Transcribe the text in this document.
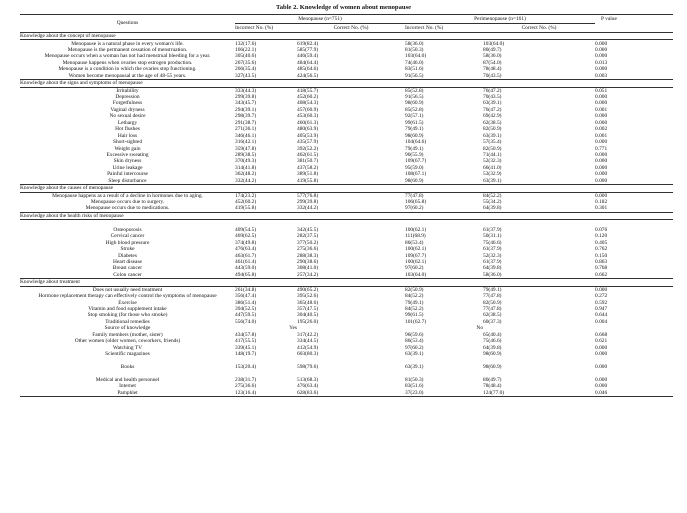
Table 2. Knowledge of women about menopause
Questions	Menopause (n=751)		Perimenopause (n=161)		P value
	Incorrect No. (%)	Correct No. (%)	Incorrect No. (%)	Correct No. (%)	
Knowledge about the concept of menopause					
Menopause is a natural phase in every woman's life.	132(17.6)	619(82.4)	58(36.0)	103(64.0)	0.000
Menopause is the permanent cessation of menstruation.	166(22.1)	585(77.9)	81(50.3)	80(49.7)	0.000
Menopause occurs when a woman has not had menstrual bleeding for a year.	305(40.6)	446(59.4)	103(64.0)	58(36.0)	0.000
Menopause happens when ovaries stop estrogen production.	267(35.6)	484(64.4)	74(46.0)	87(54.0)	0.013
Menopause is a condition in which the ovaries stop functioning.	266(35.4)	485(64.6)	83(51.6)	78(48.4)	0.000
Women become menopausal at the age of 48-55 years.	327(43.5)	424(56.5)	91(56.5)	70(43.5)	0.003
Knowledge about the signs and symptoms of menopause					
Irritability	333(44.3)	418(55.7)	85(52.8)	76(47.2)	0.051
Depression	299(39.8)	452(60.2)	91(56.5)	70(43.5)	0.000
Forgetfulness	343(45.7)	408(54.3)	98(60.9)	63(39.1)	0.000
Vaginal dryness	294(39.1)	457(60.9)	85(52.8)	76(47.2)	0.001
No sexual desire	298(39.7)	453(60.3)	92(57.1)	69(42.9)	0.000
Lethargy	291(38.7)	460(61.3)	99(61.5)	62(38.5)	0.000
Hot flushes	271(36.1)	480(63.9)	79(49.1)	82(50.9)	0.002
Hair loss	346(46.1)	405(53.9)	98(60.9)	63(39.1)	0.001
Short-sighted	316(42.1)	435(57.9)	104(64.6)	57(35.4)	0.000
Weight gain	359(47.8)	392(52.2)	79(49.1)	82(50.9)	0.771
Excessive sweating	289(38.5)	462(61.5)	90(55.9)	71(44.1)	0.000
Skin dryness	370(49.3)	381(50.7)	109(67.7)	52(32.3)	0.000
Urine leakage	314(41.8)	437(58.2)	95(59.0)	66(41.0)	0.000
Painful intercourse	362(48.2)	389(51.8)	108(67.1)	53(32.9)	0.000
Sleep disturbance	332(44.2)	419(55.8)	98(60.9)	63(39.1)	0.000
Knowledge about the causes of menopause					
Menopause happens as a result of a decline in hormones due to aging.	174(23.2)	577(76.8)	77(47.8)	84(52.2)	0.000
Menopause occurs due to surgery.	452(60.2)	299(39.8)	106(65.8)	55(34.2)	0.182
Menopause occurs due to medications.	419(55.8)	332(44.2)	97(60.2)	64(39.8)	0.301
Knowledge about the health risks of menopause					

Osteoporosis	409(54.5)	342(45.5)	100(62.1)	61(37.9)	0.076
Cervical cancer	469(62.5)	282(37.5)	111(68.9)	50(31.1)	0.120
High blood pressure	374(49.8)	377(50.2)	86(53.4)	75(46.6)	0.405
Stroke	476(63.4)	275(36.6)	100(62.1)	61(37.9)	0.762
Diabetes	463(61.7)	288(38.3)	109(67.7)	52(32.3)	0.150
Heart disease	461(61.4)	290(38.6)	100(62.1)	61(37.9)	0.863
Breast cancer	443(59.0)	308(41.0)	97(60.2)	64(39.8)	0.768
Colon cancer	494(65.8)	257(34.2)	103(64.0)	58(36.0)	0.662
Knowledge about treatment					
Does not usually need treatment	261(34.8)	490(65.2)	82(50.9)	79(49.1)	0.000
Hormone replacement therapy can effectively control the symptoms of menopause	356(47.4)	395(52.6)	84(52.2)	77(47.8)	0.272
Exercise	386(51.4)	365(48.6)	79(49.1)	82(50.9)	0.592
Vitamin and food supplement intake	394(52.5)	357(47.5)	84(52.2)	77(47.8)	0.947
Stop smoking (for those who smoke)	447(59.5)	304(40.5)	99(61.5)	62(38.5)	0.644
Traditional remedies	556(74.0)	195(26.0)	101(62.7)	60(37.3)	0.004
Source of knowledge	Yes		No		
Family members (mother, sister)	434(57.8)	317(42.2)	96(59.6)	65(40.4)	0.668
Other women (older women, coworkers, friends)	417(55.5)	334(44.5)	86(53.4)	75(46.6)	0.621
Watching TV	339(45.1)	412(54.9)	97(60.2)	64(39.8)	0.000
Scientific magazines	148(19.7)	603(80.3)	63(39.1)	98(60.9)	0.000

Books	153(20.4)	598(79.6)	63(39.1)	98(60.9)	0.000

Medical and health personnel	238(31.7)	513(68.3)	81(50.3)	80(49.7)	0.000
Internet	275(36.6)	476(63.4)	83(51.6)	78(48.4)	0.000
Pamphlet	123(16.4)	628(83.6)	37(23.0)	124(77.0)	0.046
